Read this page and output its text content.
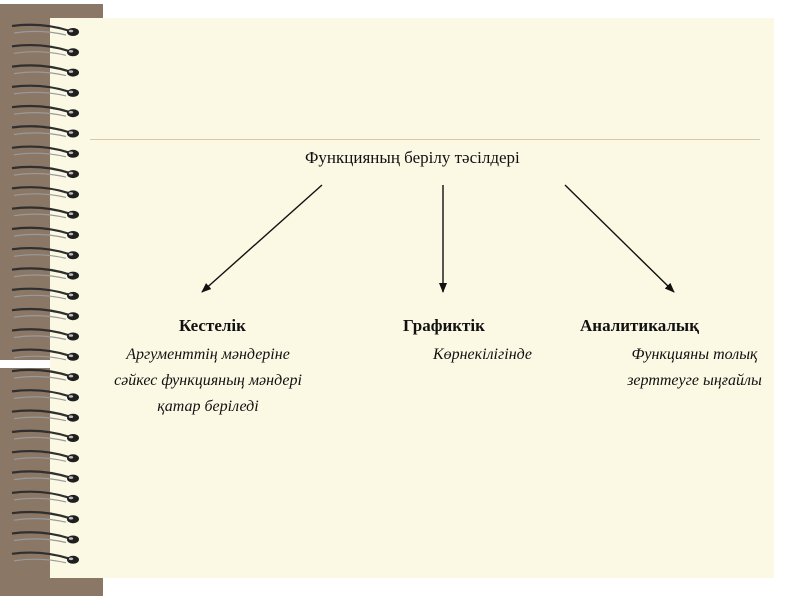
Функцияның берілу тәсілдері
Кестелік	Графиктік	Аналитикалық
Аргументтің мәндеріне
сәйкес функцияның мәндері
қатар беріледі
Көрнекілігінде	Функцияны толық
зерттеуге ыңғайлы
